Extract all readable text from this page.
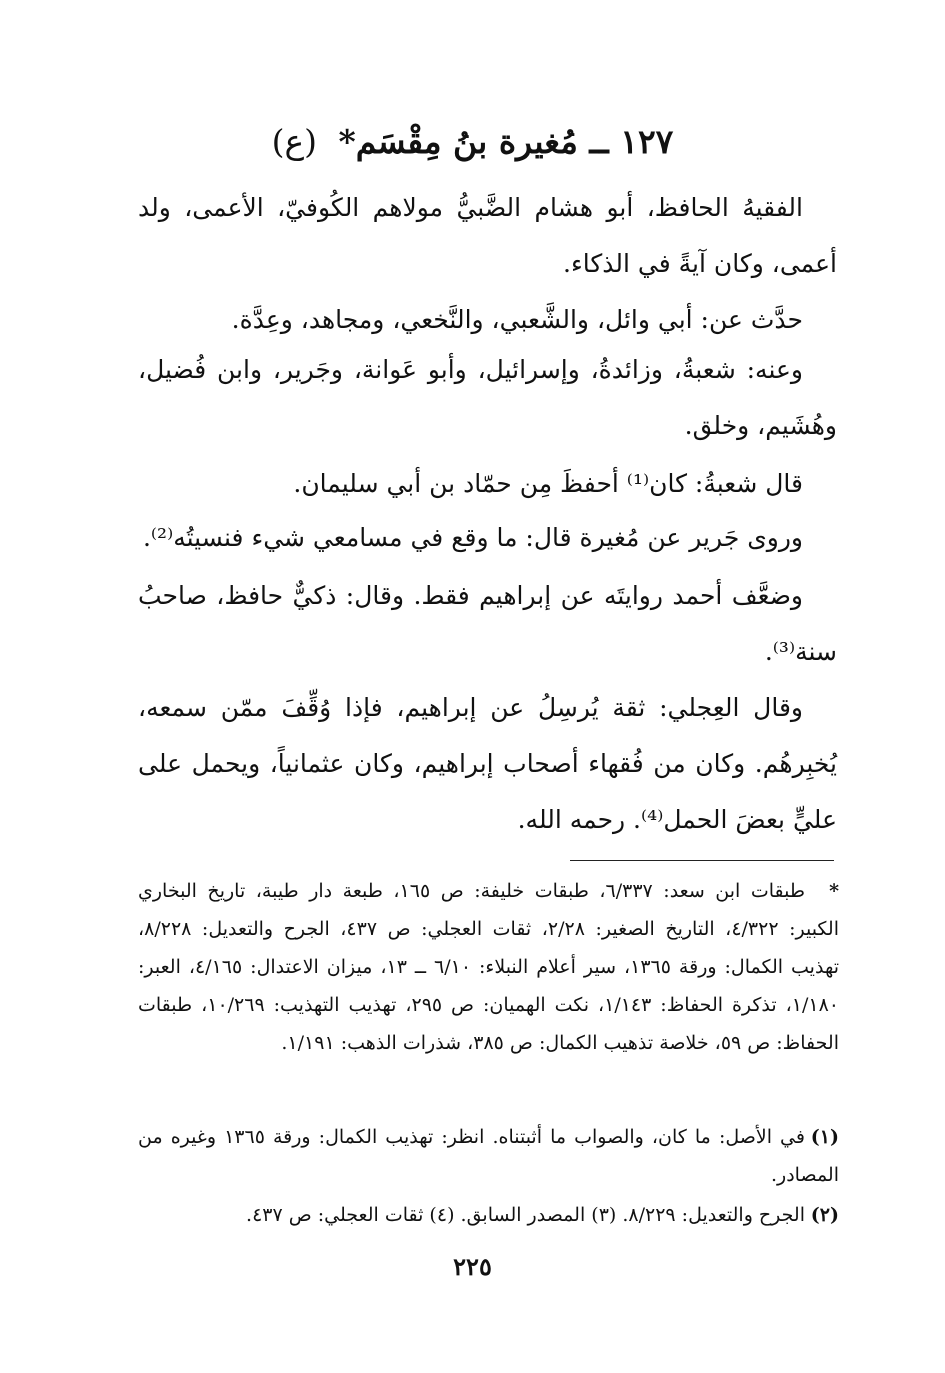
١٢٧ ــ مُغيرة بنُ مِقْسَم* (ع)

الفقيهُ الحافظ، أبو هشام الضَّبيُّ مولاهم الكُوفيّ، الأعمى، ولد أعمى، وكان آيةً في الذكاء.

حدَّث عن: أبي وائل، والشَّعبي، والنَّخعي، ومجاهد، وعِدَّة.

وعنه: شعبةُ، وزائدةُ، وإسرائيل، وأبو عَوانة، وجَرير، وابن فُضيل، وهُشَيم، وخلق.

قال شعبةُ: كان⁽¹⁾ أحفظَ مِن حمّاد بن أبي سليمان.

وروى جَرير عن مُغيرة قال: ما وقع في مسامعي شيء فنسيتُه⁽²⁾.

وضعَّف أحمد روايتَه عن إبراهيم فقط. وقال: ذكيٌّ حافظ، صاحبُ سنة⁽³⁾.

وقال العِجلي: ثقة يُرسِلُ عن إبراهيم، فإذا وُقِّفَ ممّن سمعه، يُخبِرهُم. وكان من فُقهاء أصحاب إبراهيم، وكان عثمانياً، ويحمل على عليٍّ بعضَ الحمل⁽⁴⁾. رحمه الله.

*طبقات ابن سعد: ٦/٣٣٧، طبقات خليفة: ص ١٦٥، طبعة دار طيبة، تاريخ البخاري الكبير: ٤/٣٢٢، التاريخ الصغير: ٢/٢٨، ثقات العجلي: ص ٤٣٧، الجرح والتعديل: ٨/٢٢٨، تهذيب الكمال: ورقة ١٣٦٥، سير أعلام النبلاء: ٦/١٠ ــ ١٣، ميزان الاعتدال: ٤/١٦٥، العبر: ١/١٨٠، تذكرة الحفاظ: ١/١٤٣، نكت الهميان: ص ٢٩٥، تهذيب التهذيب: ١٠/٢٦٩، طبقات الحفاظ: ص ٥٩، خلاصة تذهيب الكمال: ص ٣٨٥، شذرات الذهب: ١/١٩١.
(١)في الأصل: ما كان، والصواب ما أثبتناه. انظر: تهذيب الكمال: ورقة ١٣٦٥ وغيره من المصادر.
(٢)الجرح والتعديل: ٨/٢٢٩. (٣) المصدر السابق. (٤) ثقات العجلي: ص ٤٣٧.
٢٢٥
